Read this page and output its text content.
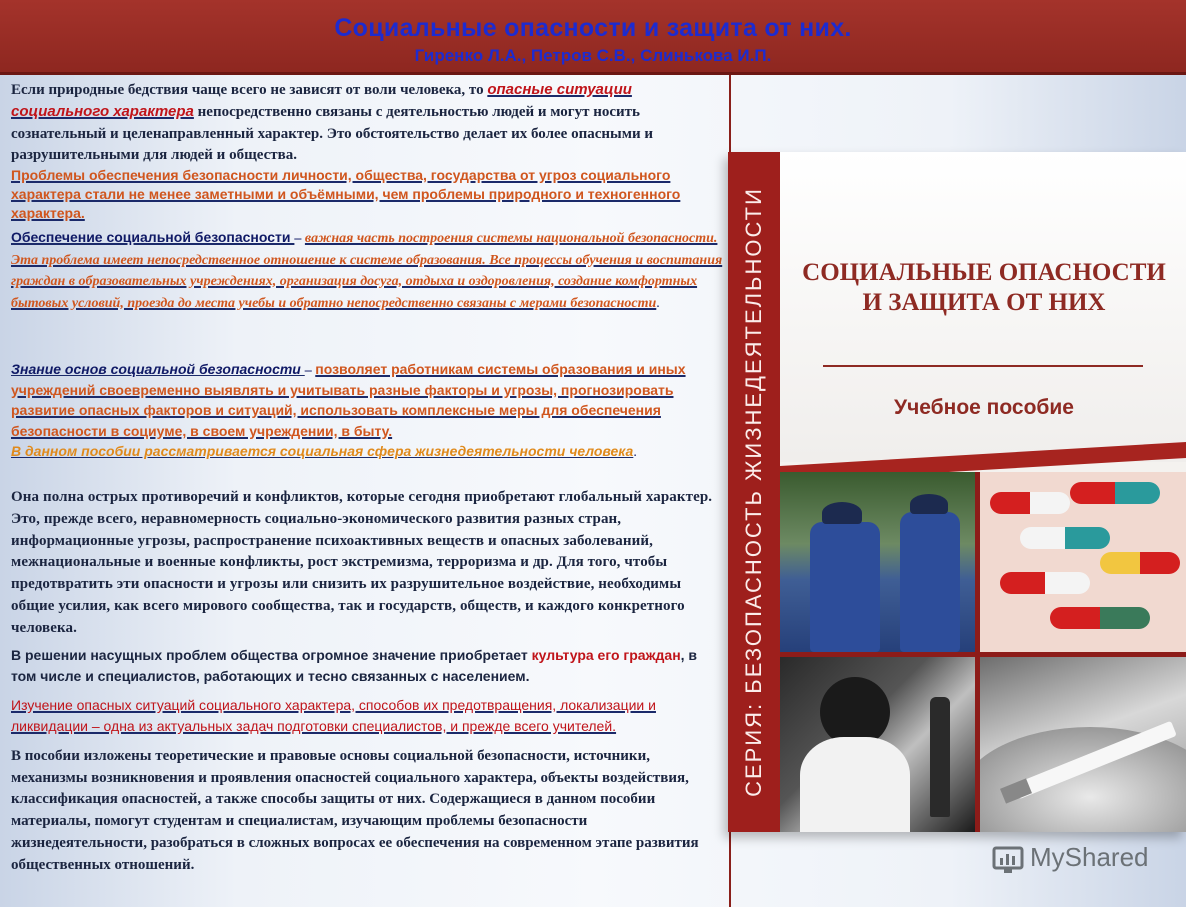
Социальные опасности и защита от них.
Гиренко Л.А., Петров С.В., Слинькова И.П.
Если природные бедствия чаще всего не зависят от воли человека, то опасные ситуации социального характера непосредственно связаны с деятельностью людей и могут носить сознательный и целенаправленный характер. Это обстоятельство делает их более опасными и разрушительными для людей и общества.
Проблемы обеспечения безопасности личности, общества, государства от угроз социального характера стали не менее заметными и объёмными, чем проблемы природного и техногенного характера.
Обеспечение социальной безопасности – важная часть построения системы национальной безопасности. Эта проблема имеет непосредственное отношение к системе образования. Все процессы обучения и воспитания граждан в образовательных учреждениях, организация досуга, отдыха и оздоровления, создание комфортных бытовых условий, проезда до места учебы и обратно непосредственно связаны с мерами безопасности.
Знание основ социальной безопасности – позволяет работникам системы образования и иных учреждений своевременно выявлять и учитывать разные факторы и угрозы, прогнозировать развитие опасных факторов и ситуаций, использовать комплексные меры для обеспечения безопасности в социуме, в своем учреждении, в быту.
В данном пособии рассматривается социальная сфера жизнедеятельности человека.
Она полна острых противоречий и конфликтов, которые сегодня приобретают глобальный характер. Это, прежде всего, неравномерность социально-экономического развития разных стран, информационные угрозы, распространение психоактивных веществ и опасных заболеваний, межнациональные и военные конфликты, рост экстремизма, терроризма и др. Для того, чтобы предотвратить эти опасности и угрозы или снизить их разрушительное воздействие, необходимы общие усилия, как всего мирового сообщества, так и государств, обществ, и каждого конкретного человека.
В решении насущных проблем общества огромное значение приобретает культура его граждан, в том числе и специалистов, работающих и тесно связанных с населением.
Изучение опасных ситуаций социального характера, способов их предотвращения, локализации и ликвидации – одна из актуальных задач подготовки специалистов, и прежде всего учителей.
В пособии изложены теоретические и правовые основы социальной безопасности, источники, механизмы возникновения и проявления опасностей социального характера, объекты воздействия, классификация опасностей, а также способы защиты от них. Содержащиеся в данном пособии материалы, помогут студентам и специалистам, изучающим проблемы безопасности жизнедеятельности, разобраться в сложных вопросах ее обеспечения на современном этапе развития общественных отношений.
СЕРИЯ: БЕЗОПАСНОСТЬ ЖИЗНЕДЕЯТЕЛЬНОСТИ	СОЦИАЛЬНЫЕ ОПАСНОСТИ
И ЗАЩИТА ОТ НИХ
Учебное пособие
MyShared
